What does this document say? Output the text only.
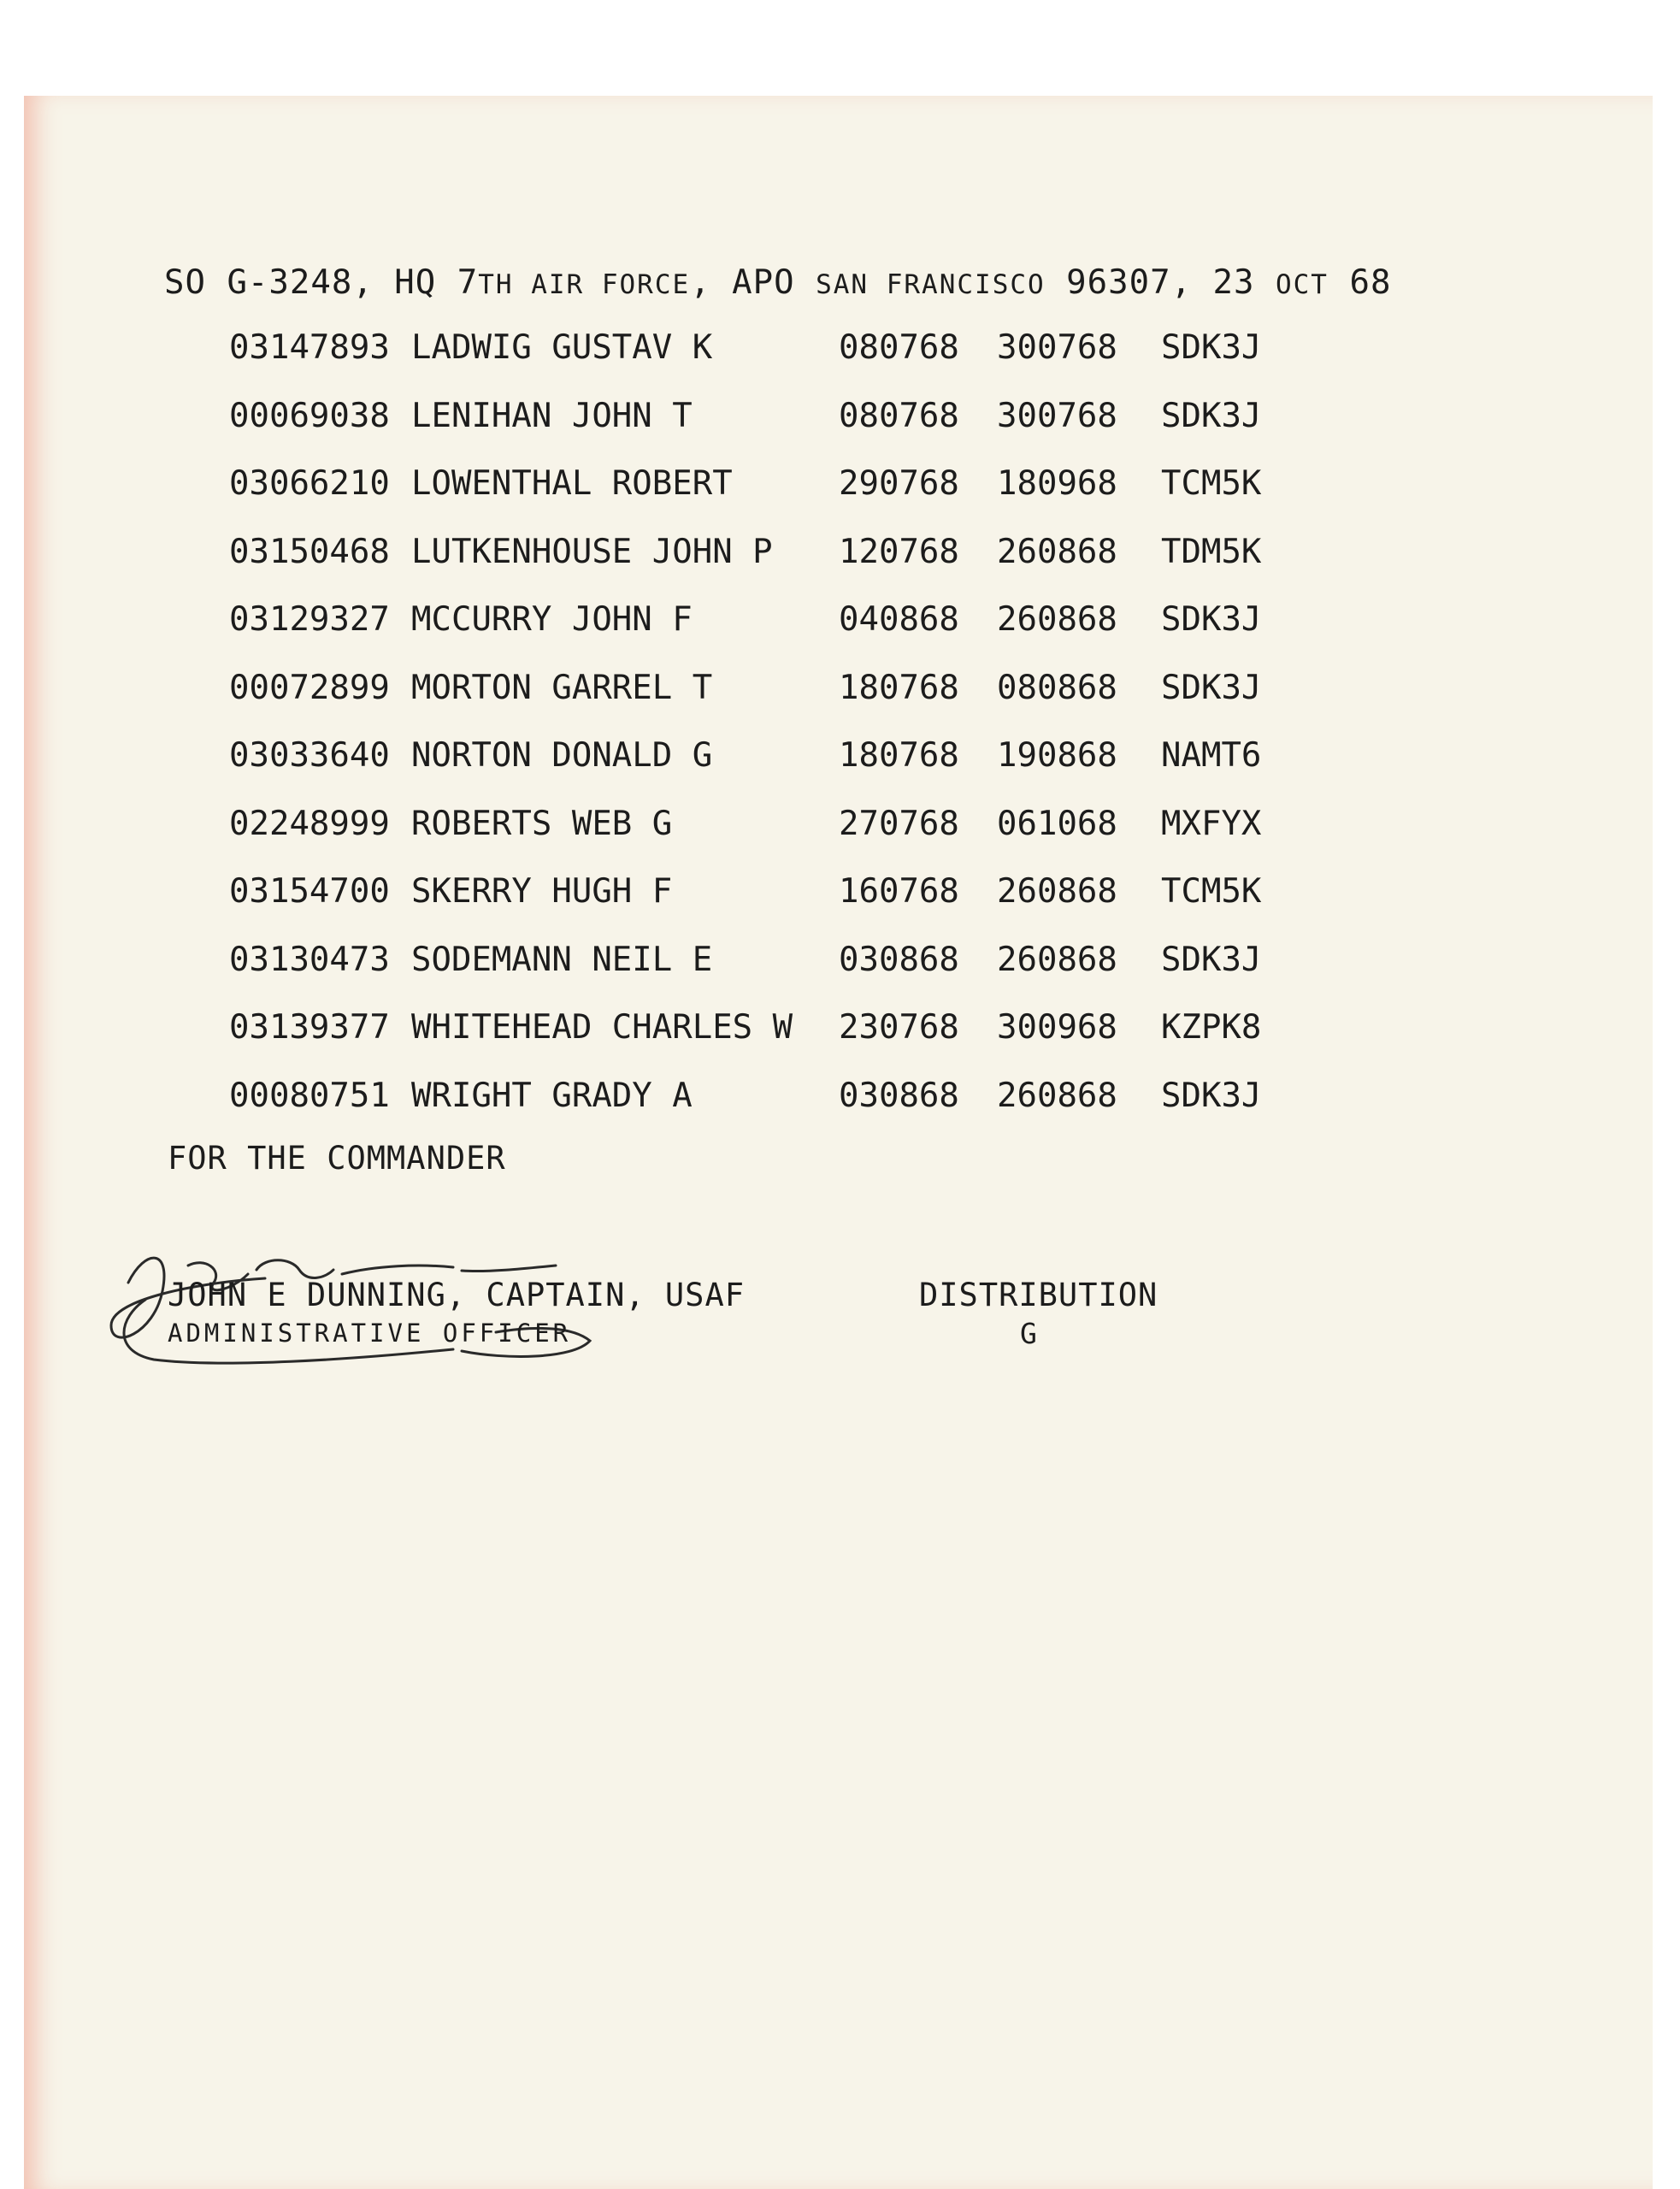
SO G-3248, HQ 7TH AIR FORCE, APO SAN FRANCISCO 96307, 23 OCT 68
03147893 LADWIG GUSTAV K	080768 300768 SDK3J
00069038 LENIHAN JOHN T	080768 300768 SDK3J
03066210 LOWENTHAL ROBERT	290768 180968 TCM5K
03150468 LUTKENHOUSE JOHN P 120768 260868 TDM5K
03129327 MCCURRY JOHN F	040868 260868 SDK3J
00072899 MORTON GARREL T	180768 080868 SDK3J
03033640 NORTON DONALD G	180768 190868 NAMT6
02248999 ROBERTS WEB G	270768 061068 MXFYX
03154700 SKERRY HUGH F	160768 260868 TCM5K
03130473 SODEMANN NEIL E	030868 260868 SDK3J
03139377 WHITEHEAD CHARLES W 230768 300968 KZPK8
00080751 WRIGHT GRADY A	030868 260868 SDK3J
FOR THE COMMANDER
JOHN E DUNNING, CAPTAIN, USAF
ADMINISTRATIVE OFFICER
DISTRIBUTION
G
